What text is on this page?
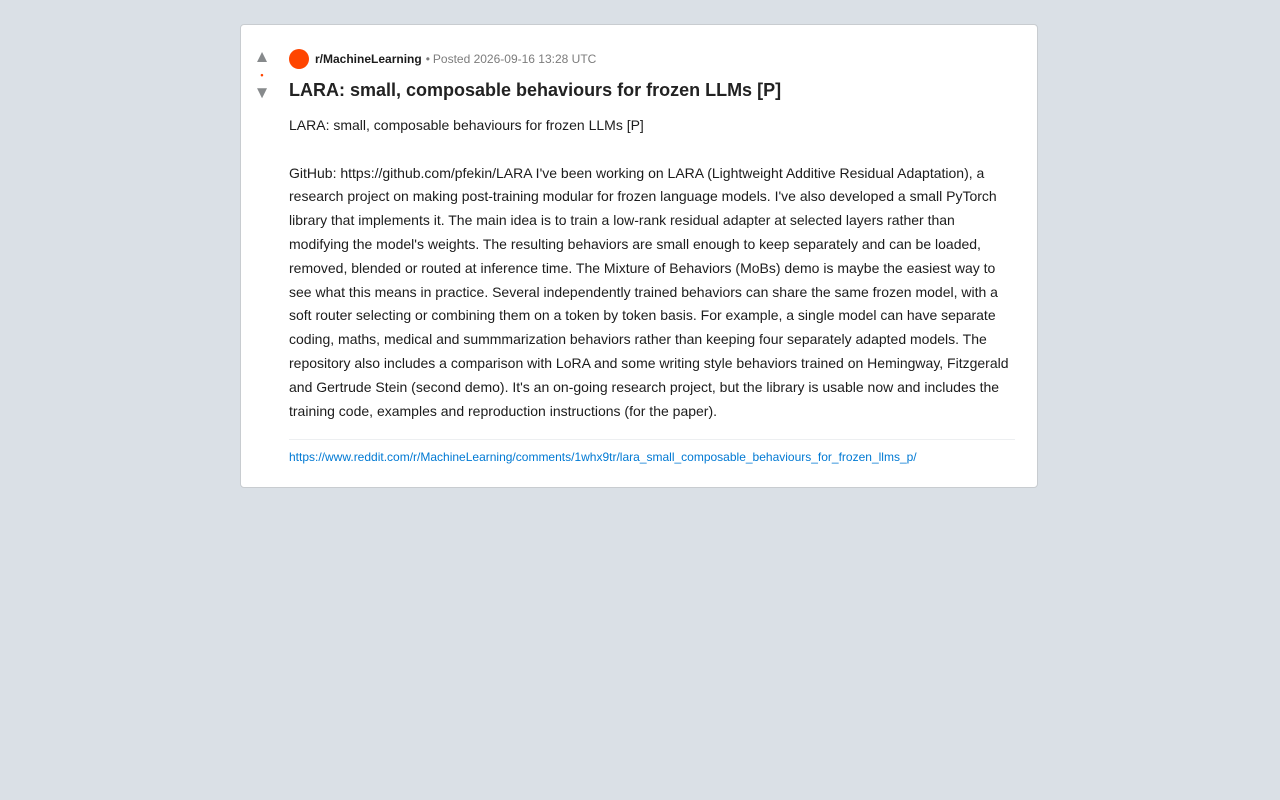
▲
•
▼
r/MachineLearning • Posted 2026-09-16 13:28 UTC
LARA: small, composable behaviours for frozen LLMs [P]

LARA: small, composable behaviours for frozen LLMs [P]

GitHub: https://github.com/pfekin/LARA I've been working on LARA (Lightweight Additive Residual Adaptation), a research project on making post-training modular for frozen language models. I've also developed a small PyTorch library that implements it. The main idea is to train a low-rank residual adapter at selected layers rather than modifying the model's weights. The resulting behaviors are small enough to keep separately and can be loaded, removed, blended or routed at inference time. The Mixture of Behaviors (MoBs) demo is maybe the easiest way to see what this means in practice. Several independently trained behaviors can share the same frozen model, with a soft router selecting or combining them on a token by token basis. For example, a single model can have separate coding, maths, medical and summmarization behaviors rather than keeping four separately adapted models. The repository also includes a comparison with LoRA and some writing style behaviors trained on Hemingway, Fitzgerald and Gertrude Stein (second demo). It's an on-going research project, but the library is usable now and includes the training code, examples and reproduction instructions (for the paper).

https://www.reddit.com/r/MachineLearning/comments/1whx9tr/lara_small_composable_behaviours_for_frozen_llms_p/
